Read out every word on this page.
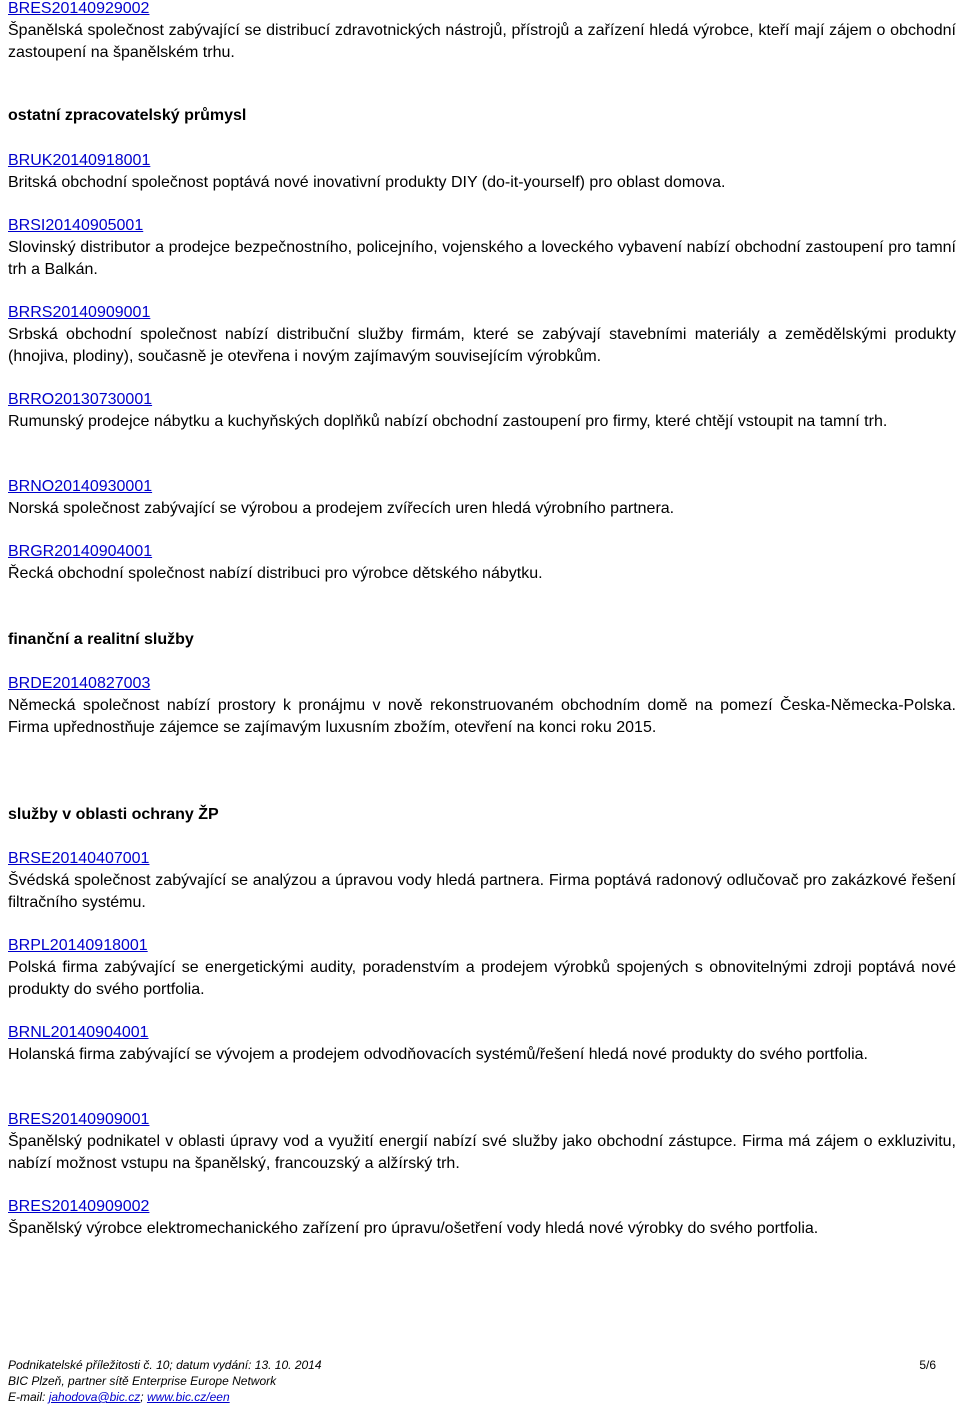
BRES20140929002
Španělská společnost zabývající se distribucí zdravotnických nástrojů, přístrojů a zařízení hledá výrobce, kteří mají zájem o obchodní zastoupení na španělském trhu.
ostatní zpracovatelský průmysl
BRUK20140918001
Britská obchodní společnost poptává nové inovativní produkty DIY (do-it-yourself) pro oblast domova.
BRSI20140905001
Slovinský distributor a prodejce bezpečnostního, policejního, vojenského a loveckého vybavení nabízí obchodní zastoupení pro tamní trh a Balkán.
BRRS20140909001
Srbská obchodní společnost nabízí distribuční služby firmám, které se zabývají stavebními materiály a zemědělskými produkty (hnojiva, plodiny), současně je otevřena i novým zajímavým souvisejícím výrobkům.
BRRO20130730001
Rumunský prodejce nábytku a kuchyňských doplňků nabízí obchodní zastoupení pro firmy, které chtějí vstoupit na tamní trh.
BRNO20140930001
Norská společnost zabývající se výrobou a prodejem zvířecích uren hledá výrobního partnera.
BRGR20140904001
Řecká obchodní společnost nabízí distribuci pro výrobce dětského nábytku.
finanční a realitní služby
BRDE20140827003
Německá společnost nabízí prostory k pronájmu v nově rekonstruovaném obchodním domě na pomezí Česka-Německa-Polska. Firma upřednostňuje zájemce se zajímavým luxusním zbožím, otevření na konci roku 2015.
služby v oblasti ochrany ŽP
BRSE20140407001
Švédská společnost zabývající se analýzou a úpravou vody hledá partnera. Firma poptává radonový odlučovač pro zakázkové řešení filtračního systému.
BRPL20140918001
Polská firma zabývající se energetickými audity, poradenstvím a prodejem výrobků spojených s obnovitelnými zdroji poptává nové produkty do svého portfolia.
BRNL20140904001
Holanská firma zabývající se vývojem a prodejem odvodňovacích systémů/řešení hledá nové produkty do svého portfolia.
BRES20140909001
Španělský podnikatel v oblasti úpravy vod a využití energií nabízí své služby jako obchodní zástupce. Firma má zájem o exkluzivitu, nabízí možnost vstupu na španělský, francouzský a alžírský trh.
BRES20140909002
Španělský výrobce elektromechanického zařízení pro úpravu/ošetření vody hledá nové výrobky do svého portfolia.
Podnikatelské příležitosti č. 10; datum vydání: 13. 10. 2014
BIC Plzeň, partner sítě Enterprise Europe Network
E-mail: jahodova@bic.cz; www.bic.cz/een
5/6
